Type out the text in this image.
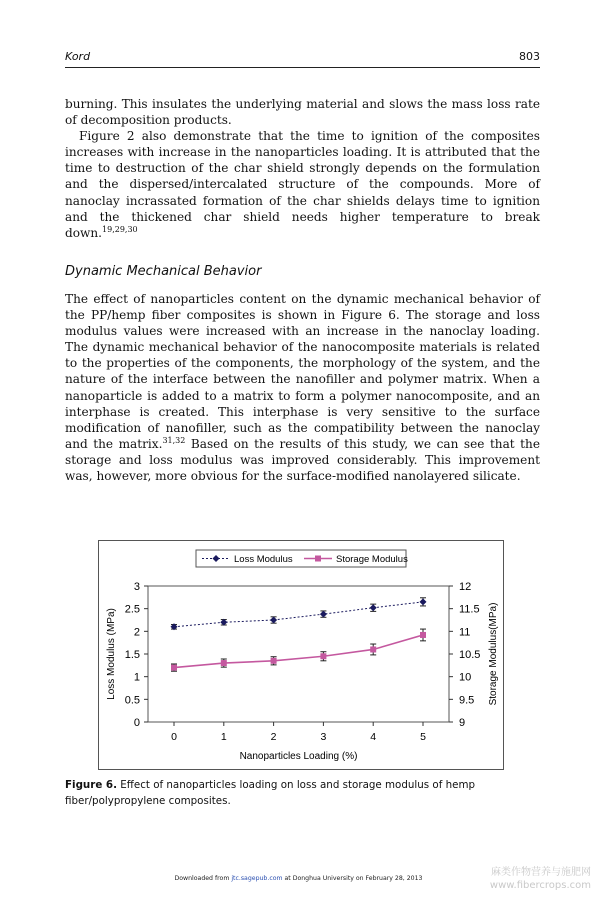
Kord	803

burning. This insulates the underlying material and slows the mass loss rate of decomposition products.

Figure 2 also demonstrate that the time to ignition of the composites increases with increase in the nanoparticles loading. It is attributed that the time to destruction of the char shield strongly depends on the formulation and the dispersed/intercalated structure of the compounds. More of nanoclay incrassated formation of the char shields delays time to ignition and the thickened char shield needs higher temperature to break down.$^{19,29,30}$

Dynamic Mechanical Behavior

The effect of nanoparticles content on the dynamic mechanical behavior of the PP/hemp fiber composites is shown in Figure 6. The storage and loss modulus values were increased with an increase in the nanoclay loading. The dynamic mechanical behavior of the nanocomposite materials is related to the properties of the components, the morphology of the system, and the nature of the interface between the nanofiller and polymer matrix. When a nanoparticle is added to a matrix to form a polymer nanocomposite, and an interphase is created. This interphase is very sensitive to the surface modification of nanofiller, such as the compatibility between the nanoclay and the matrix.$^{31,32}$ Based on the results of this study, we can see that the storage and loss modulus was improved considerably. This improvement was, however, more obvious for the surface-modified nanolayered silicate.

0
0.5
1
1.5
2
2.5
3
9
9.5
10
10.5
11
11.5
12
0	1	2	3	4	5
Nanoparticles Loading (%)
Loss Modulus (MPa)	Storage Modulus(MPa)
Loss Modulus	Storage Modulus
Figure 6. Effect of nanoparticles loading on loss and storage modulus of hemp fiber/polypropylene composites.
Downloaded from jtc.sagepub.com at Donghua University on February 28, 2013
麻类作物营养与施肥网
www.fibercrops.com
